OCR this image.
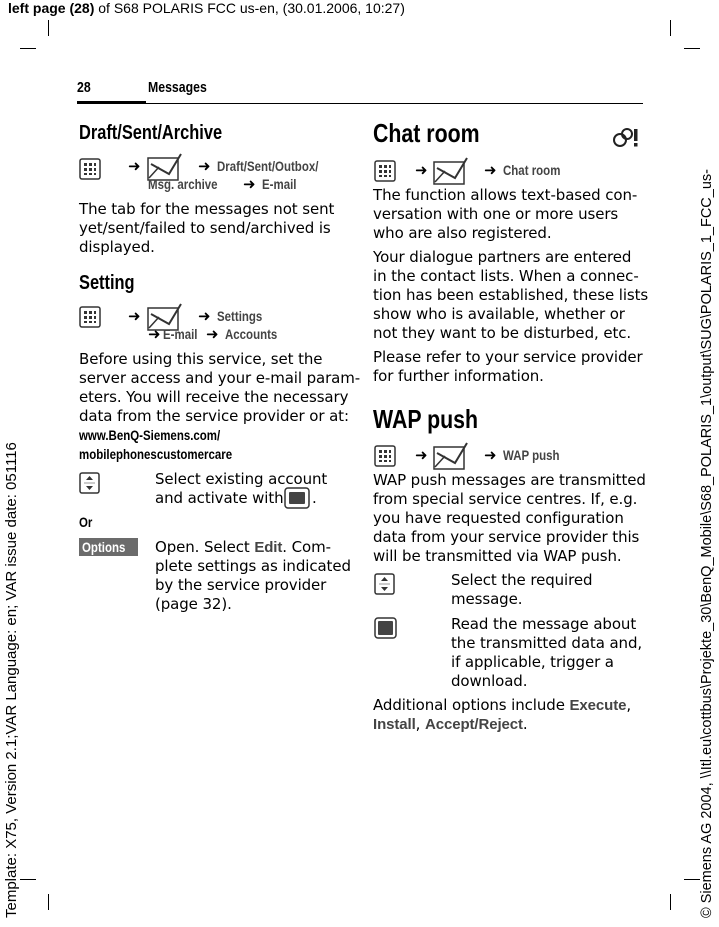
left page (28) of S68 POLARIS FCC us-en, (30.01.2006, 10:27)
Template: X75, Version 2.1;VAR Language: en; VAR issue date: 051116	© Siemens AG 2004, \\Itl.eu\cottbus\Projekte_30\BenQ_Mobile\S68_POLARIS_1\output\SUG\POLARIS_1_FCC_us-
28	Messages
Draft/Sent/Archive
➜	➜ Draft/Sent/Outbox/
Msg. archive	➜ E-mail
The tab for the messages not sent
yet/sent/failed to send/archived is
displayed.
Setting
➜	➜ Settings
➜ E-mail ➜ Accounts
Before using this service, set the
server access and your e-mail param-
eters. You will receive the necessary
data from the service provider or at:
www.BenQ-Siemens.com/
mobilephonescustomercare
Select existing account
and activate with	.
Or
Options	Open. Select Edit. Com-
plete settings as indicated
by the service provider
(page 32).
Chat room
➜	➜ Chat room
The function allows text-based con-
versation with one or more users
who are also registered.
Your dialogue partners are entered
in the contact lists. When a connec-
tion has been established, these lists
show who is available, whether or
not they want to be disturbed, etc.
Please refer to your service provider
for further information.
WAP push
➜	➜ WAP push
WAP push messages are transmitted
from special service centres. If, e.g.
you have requested configuration
data from your service provider this
will be transmitted via WAP push.
Select the required
message.
Read the message about
the transmitted data and,
if applicable, trigger a
download.
Additional options include Execute,
Install, Accept/Reject.
